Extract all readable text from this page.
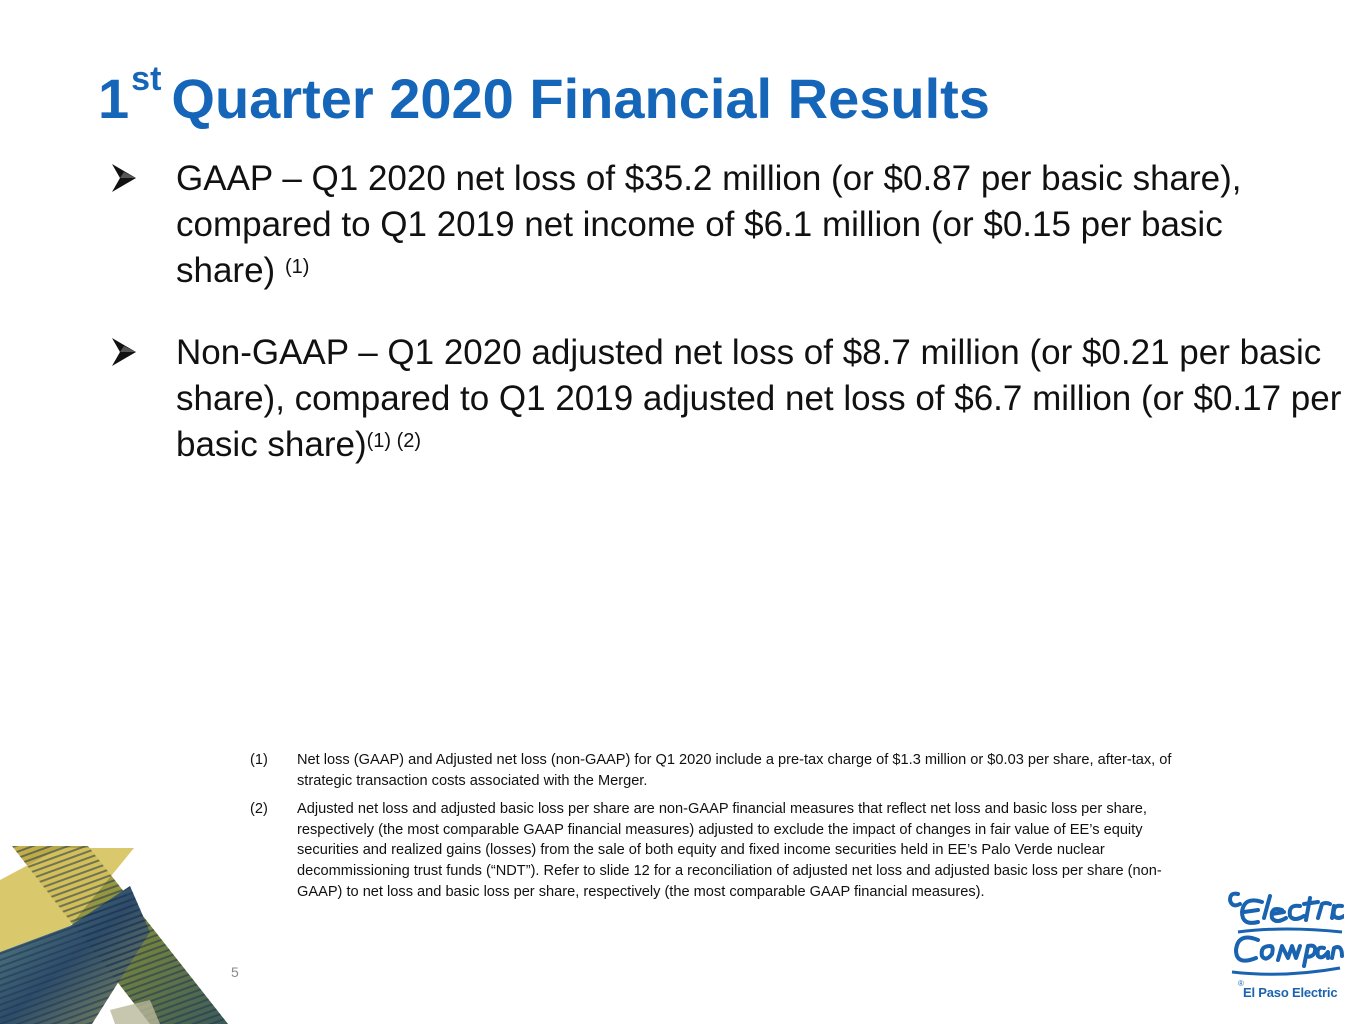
1st Quarter 2020 Financial Results
GAAP – Q1 2020 net loss of $35.2 million (or $0.87 per basic share), compared to Q1 2019 net income of $6.1 million (or $0.15 per basic share) $^{(1)}$
Non-GAAP – Q1 2020 adjusted net loss of $8.7 million (or $0.21 per basic share), compared to Q1 2019 adjusted net loss of $6.7 million (or $0.17 per basic share)$^{(1) (2)}$
(1) Net loss (GAAP) and Adjusted net loss (non-GAAP) for Q1 2020 include a pre-tax charge of $1.3 million or $0.03 per share, after-tax, of strategic transaction costs associated with the Merger.
(2) Adjusted net loss and adjusted basic loss per share are non-GAAP financial measures that reflect net loss and basic loss per share, respectively (the most comparable GAAP financial measures) adjusted to exclude the impact of changes in fair value of EE’s equity securities and realized gains (losses) from the sale of both equity and fixed income securities held in EE’s Palo Verde nuclear decommissioning trust funds (“NDT”). Refer to slide 12 for a reconciliation of adjusted net loss and adjusted basic loss per share (non-GAAP) to net loss and basic loss per share, respectively (the most comparable GAAP financial measures).
5
®
El Paso Electric
